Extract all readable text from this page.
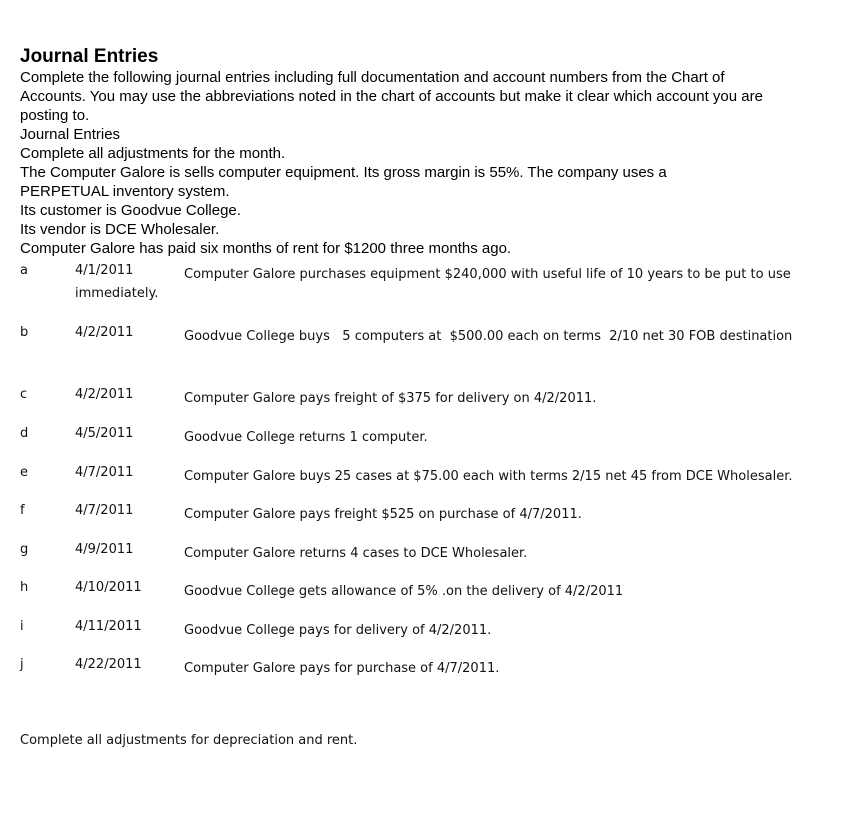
Journal Entries

Complete the following journal entries including full documentation and account numbers from the Chart of

Accounts. You may use the abbreviations noted in the chart of accounts but make it clear which account you are

posting to.

Journal Entries

Complete all adjustments for the month.

The Computer Galore is sells computer equipment. Its gross margin is 55%. The company uses a

PERPETUAL inventory system.

Its customer is Goodvue College.

Its vendor is DCE Wholesaler.

Computer Galore has paid six months of rent for $1200 three months ago.

a	4/1/2011	Computer Galore purchases equipment $240,000 with useful life of 10 years to be put to use
immediately.
b	4/2/2011	Goodvue College buys   5 computers at  $500.00 each on terms  2/10 net 30 FOB destination
c	4/2/2011	Computer Galore pays freight of $375 for delivery on 4/2/2011.
d	4/5/2011	Goodvue College returns 1 computer.
e	4/7/2011	Computer Galore buys 25 cases at $75.00 each with terms 2/15 net 45 from DCE Wholesaler.
f	4/7/2011	Computer Galore pays freight $525 on purchase of 4/7/2011.
g	4/9/2011	Computer Galore returns 4 cases to DCE Wholesaler.
h	4/10/2011	Goodvue College gets allowance of 5% .on the delivery of 4/2/2011
i	4/11/2011	Goodvue College pays for delivery of 4/2/2011.
j	4/22/2011	Computer Galore pays for purchase of 4/7/2011.
Complete all adjustments for depreciation and rent.
